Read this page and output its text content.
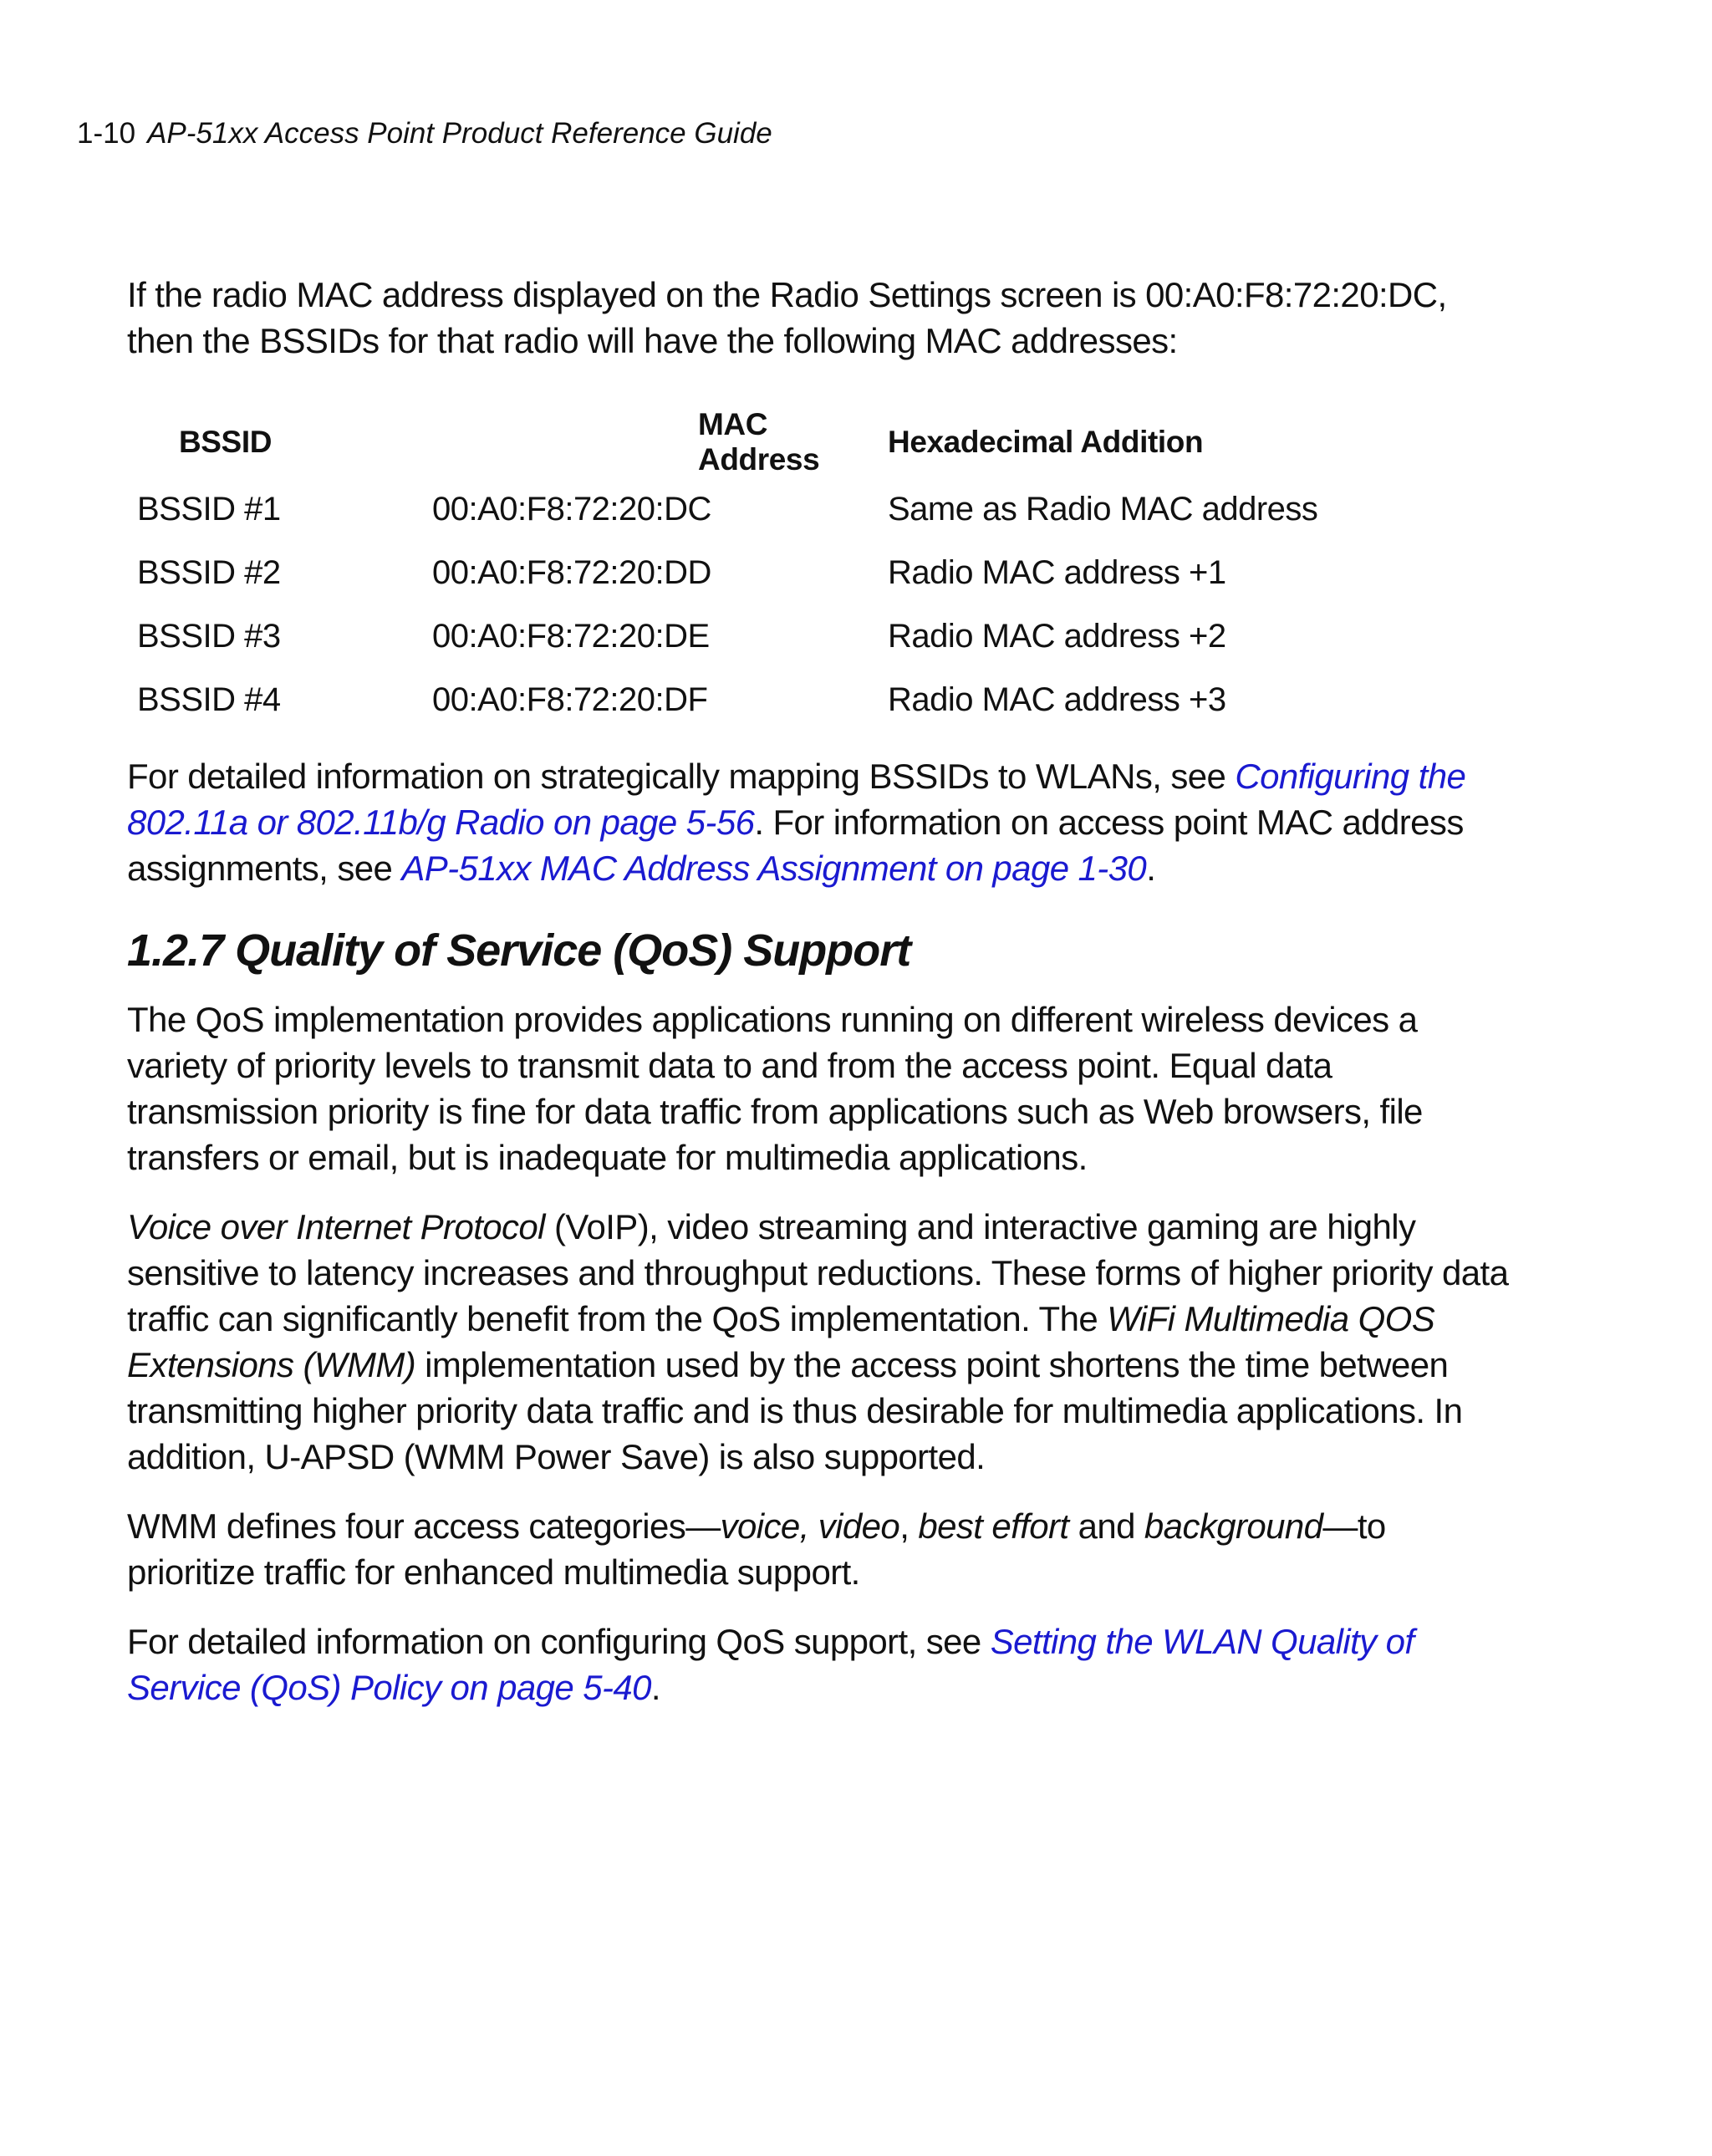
1-10 AP-51xx Access Point Product Reference Guide

If the radio MAC address displayed on the Radio Settings screen is 00:A0:F8:72:20:DC, then the BSSIDs for that radio will have the following MAC addresses:

BSSID	MAC Address	Hexadecimal Addition
BSSID #1	00:A0:F8:72:20:DC	Same as Radio MAC address
BSSID #2	00:A0:F8:72:20:DD	Radio MAC address +1
BSSID #3	00:A0:F8:72:20:DE	Radio MAC address +2
BSSID #4	00:A0:F8:72:20:DF	Radio MAC address +3

For detailed information on strategically mapping BSSIDs to WLANs, see Configuring the 802.11a or 802.11b/g Radio on page 5-56. For information on access point MAC address assignments, see AP-51xx MAC Address Assignment on page 1-30.

1.2.7 Quality of Service (QoS) Support

The QoS implementation provides applications running on different wireless devices a variety of priority levels to transmit data to and from the access point. Equal data transmission priority is fine for data traffic from applications such as Web browsers, file transfers or email, but is inadequate for multimedia applications.

Voice over Internet Protocol (VoIP), video streaming and interactive gaming are highly sensitive to latency increases and throughput reductions. These forms of higher priority data traffic can significantly benefit from the QoS implementation. The WiFi Multimedia QOS Extensions (WMM) implementation used by the access point shortens the time between transmitting higher priority data traffic and is thus desirable for multimedia applications. In addition, U-APSD (WMM Power Save) is also supported.

WMM defines four access categories—voice, video, best effort and background—to prioritize traffic for enhanced multimedia support.

For detailed information on configuring QoS support, see Setting the WLAN Quality of Service (QoS) Policy on page 5-40.
